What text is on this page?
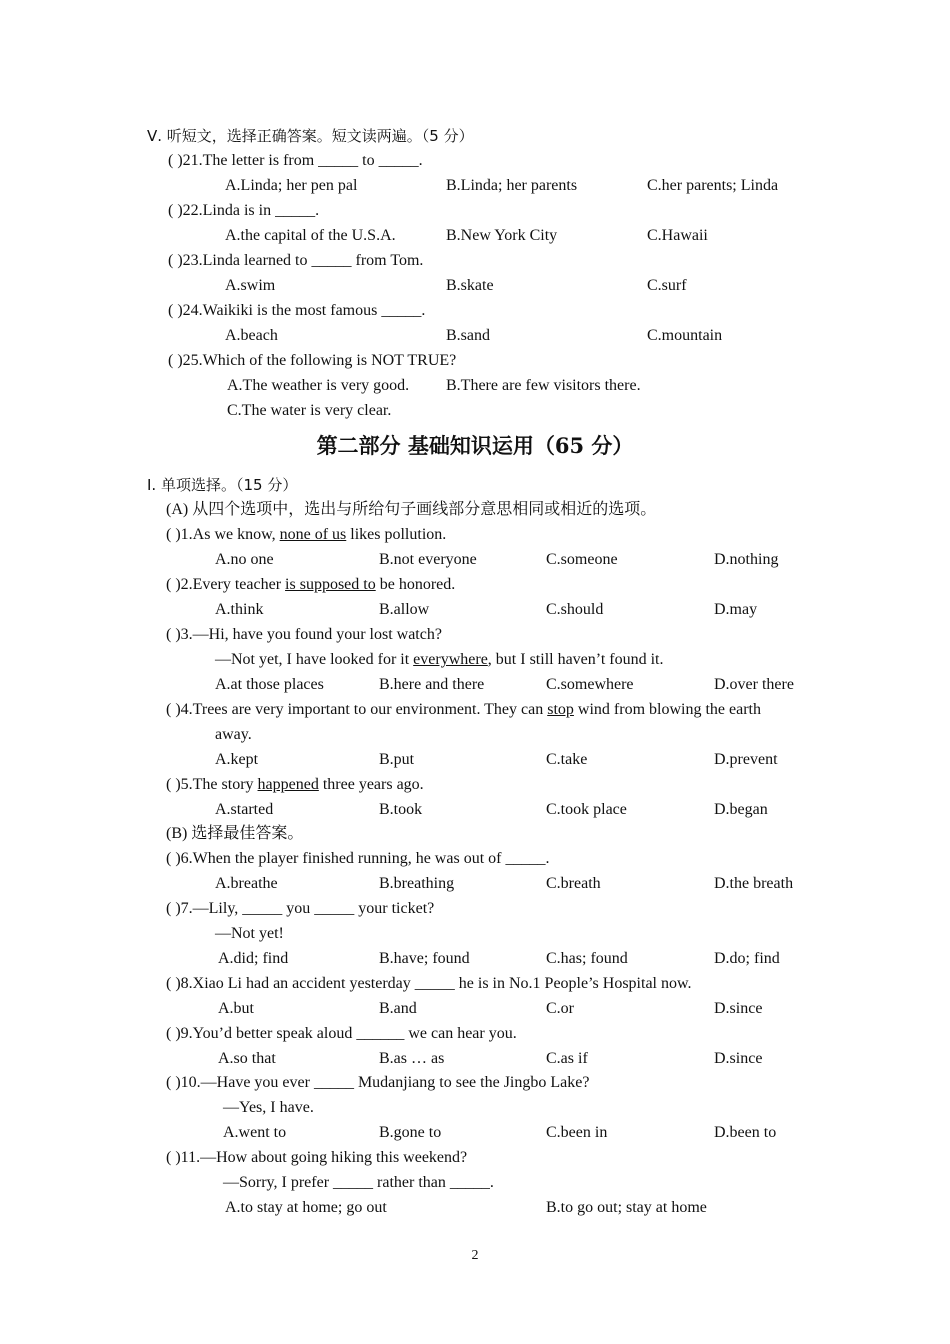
Ⅴ. 听短文，选择正确答案。短文读两遍。（5 分）
( )21.The letter is from _____ to _____.
A.Linda; her pen pal	B.Linda; her parents	C.her parents; Linda
( )22.Linda is in _____.
A.the capital of the U.S.A.	B.New York City	C.Hawaii
( )23.Linda learned to _____ from Tom.
A.swim	B.skate	C.surf
( )24.Waikiki is the most famous _____.
A.beach	B.sand	C.mountain
( )25.Which of the following is NOT TRUE?
A.The weather is very good. B.There are few visitors there.
C.The water is very clear.
第二部分 基础知识运用（65 分）
Ⅰ. 单项选择。（15 分）
(A) 从四个选项中，选出与所给句子画线部分意思相同或相近的选项。
( )1.As we know, none of us likes pollution.
A.no one	B.not everyone	C.someone	D.nothing
( )2.Every teacher is supposed to be honored.
A.think	B.allow	C.should	D.may
( )3.—Hi, have you found your lost watch?
—Not yet, I have looked for it everywhere, but I still haven’t found it.
A.at those places	B.here and there	C.somewhere	D.over there
( )4.Trees are very important to our environment. They can stop wind from blowing the earth
away.
A.kept	B.put	C.take	D.prevent
( )5.The story happened three years ago.
A.started	B.took	C.took place	D.began
(B) 选择最佳答案。
( )6.When the player finished running, he was out of _____.
A.breathe	B.breathing	C.breath	D.the breath
( )7.—Lily, _____ you _____ your ticket?
—Not yet!
A.did; find	B.have; found	C.has; found	D.do; find
( )8.Xiao Li had an accident yesterday _____ he is in No.1 People’s Hospital now.
A.but	B.and	C.or	D.since
( )9.You’d better speak aloud ______ we can hear you.
A.so that	B.as … as	C.as if	D.since
( )10.—Have you ever _____ Mudanjiang to see the Jingbo Lake?
—Yes, I have.
A.went to	B.gone to	C.been in	D.been to
( )11.—How about going hiking this weekend?
—Sorry, I prefer _____ rather than _____.
A.to stay at home; go out	B.to go out; stay at home
2
